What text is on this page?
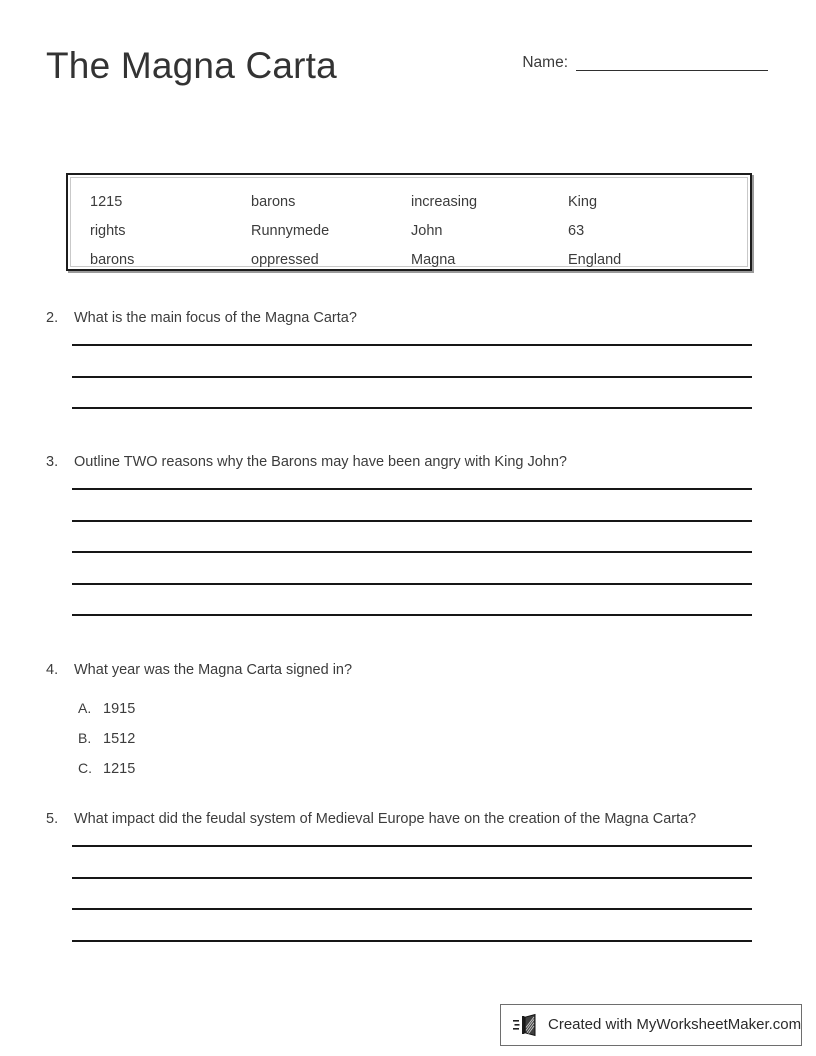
The Magna Carta	Name:
1215	barons	increasing	King
rights	Runnymede	John	63
barons	oppressed	Magna	England
2.	What is the main focus of the Magna Carta?
3.	Outline TWO reasons why the Barons may have been angry with King John?
4.	What year was the Magna Carta signed in?
A. 1915
B. 1512
C. 1215
5.	What impact did the feudal system of Medieval Europe have on the creation of the Magna Carta?
Created with MyWorksheetMaker.com
